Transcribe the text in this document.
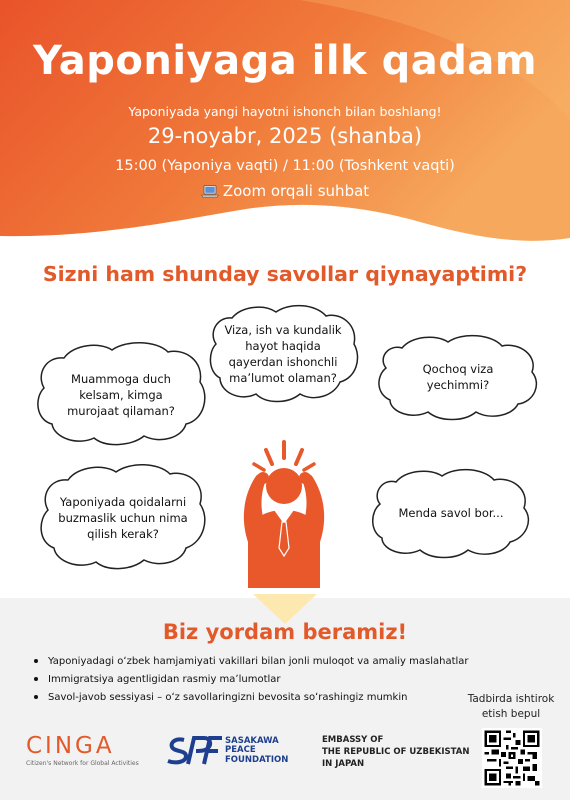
Yaponiyaga ilk qadam
Yaponiyada yangi hayotni ishonch bilan boshlang!
29-noyabr, 2025 (shanba)
15:00 (Yaponiya vaqti) / 11:00 (Toshkent vaqti)
Zoom orqali suhbat
Sizni ham shunday savollar qiynayaptimi?
Muammoga duch kelsam, kimga murojaat qilaman?
Viza, ish va kundalik hayot haqida qayerdan ishonchli maʼlumot olaman?
Qochoq viza yechimmi?
Yaponiyada qoidalarni buzmaslik uchun nima qilish kerak?
Menda savol bor...
Biz yordam beramiz!
Yaponiyadagi oʻzbek hamjamiyati vakillari bilan jonli muloqot va amaliy maslahatlar
Immigratsiya agentligidan rasmiy maʼlumotlar
Savol-javob sessiyasi – oʻz savollaringizni bevosita soʻrashingiz mumkin	Tadbirda ishtirok
etish bepul
CINGA
Citizen's Network for Global Activities
SASAKAWA
PEACE
FOUNDATION
EMBASSY OF
THE REPUBLIC OF UZBEKISTAN
IN JAPAN
